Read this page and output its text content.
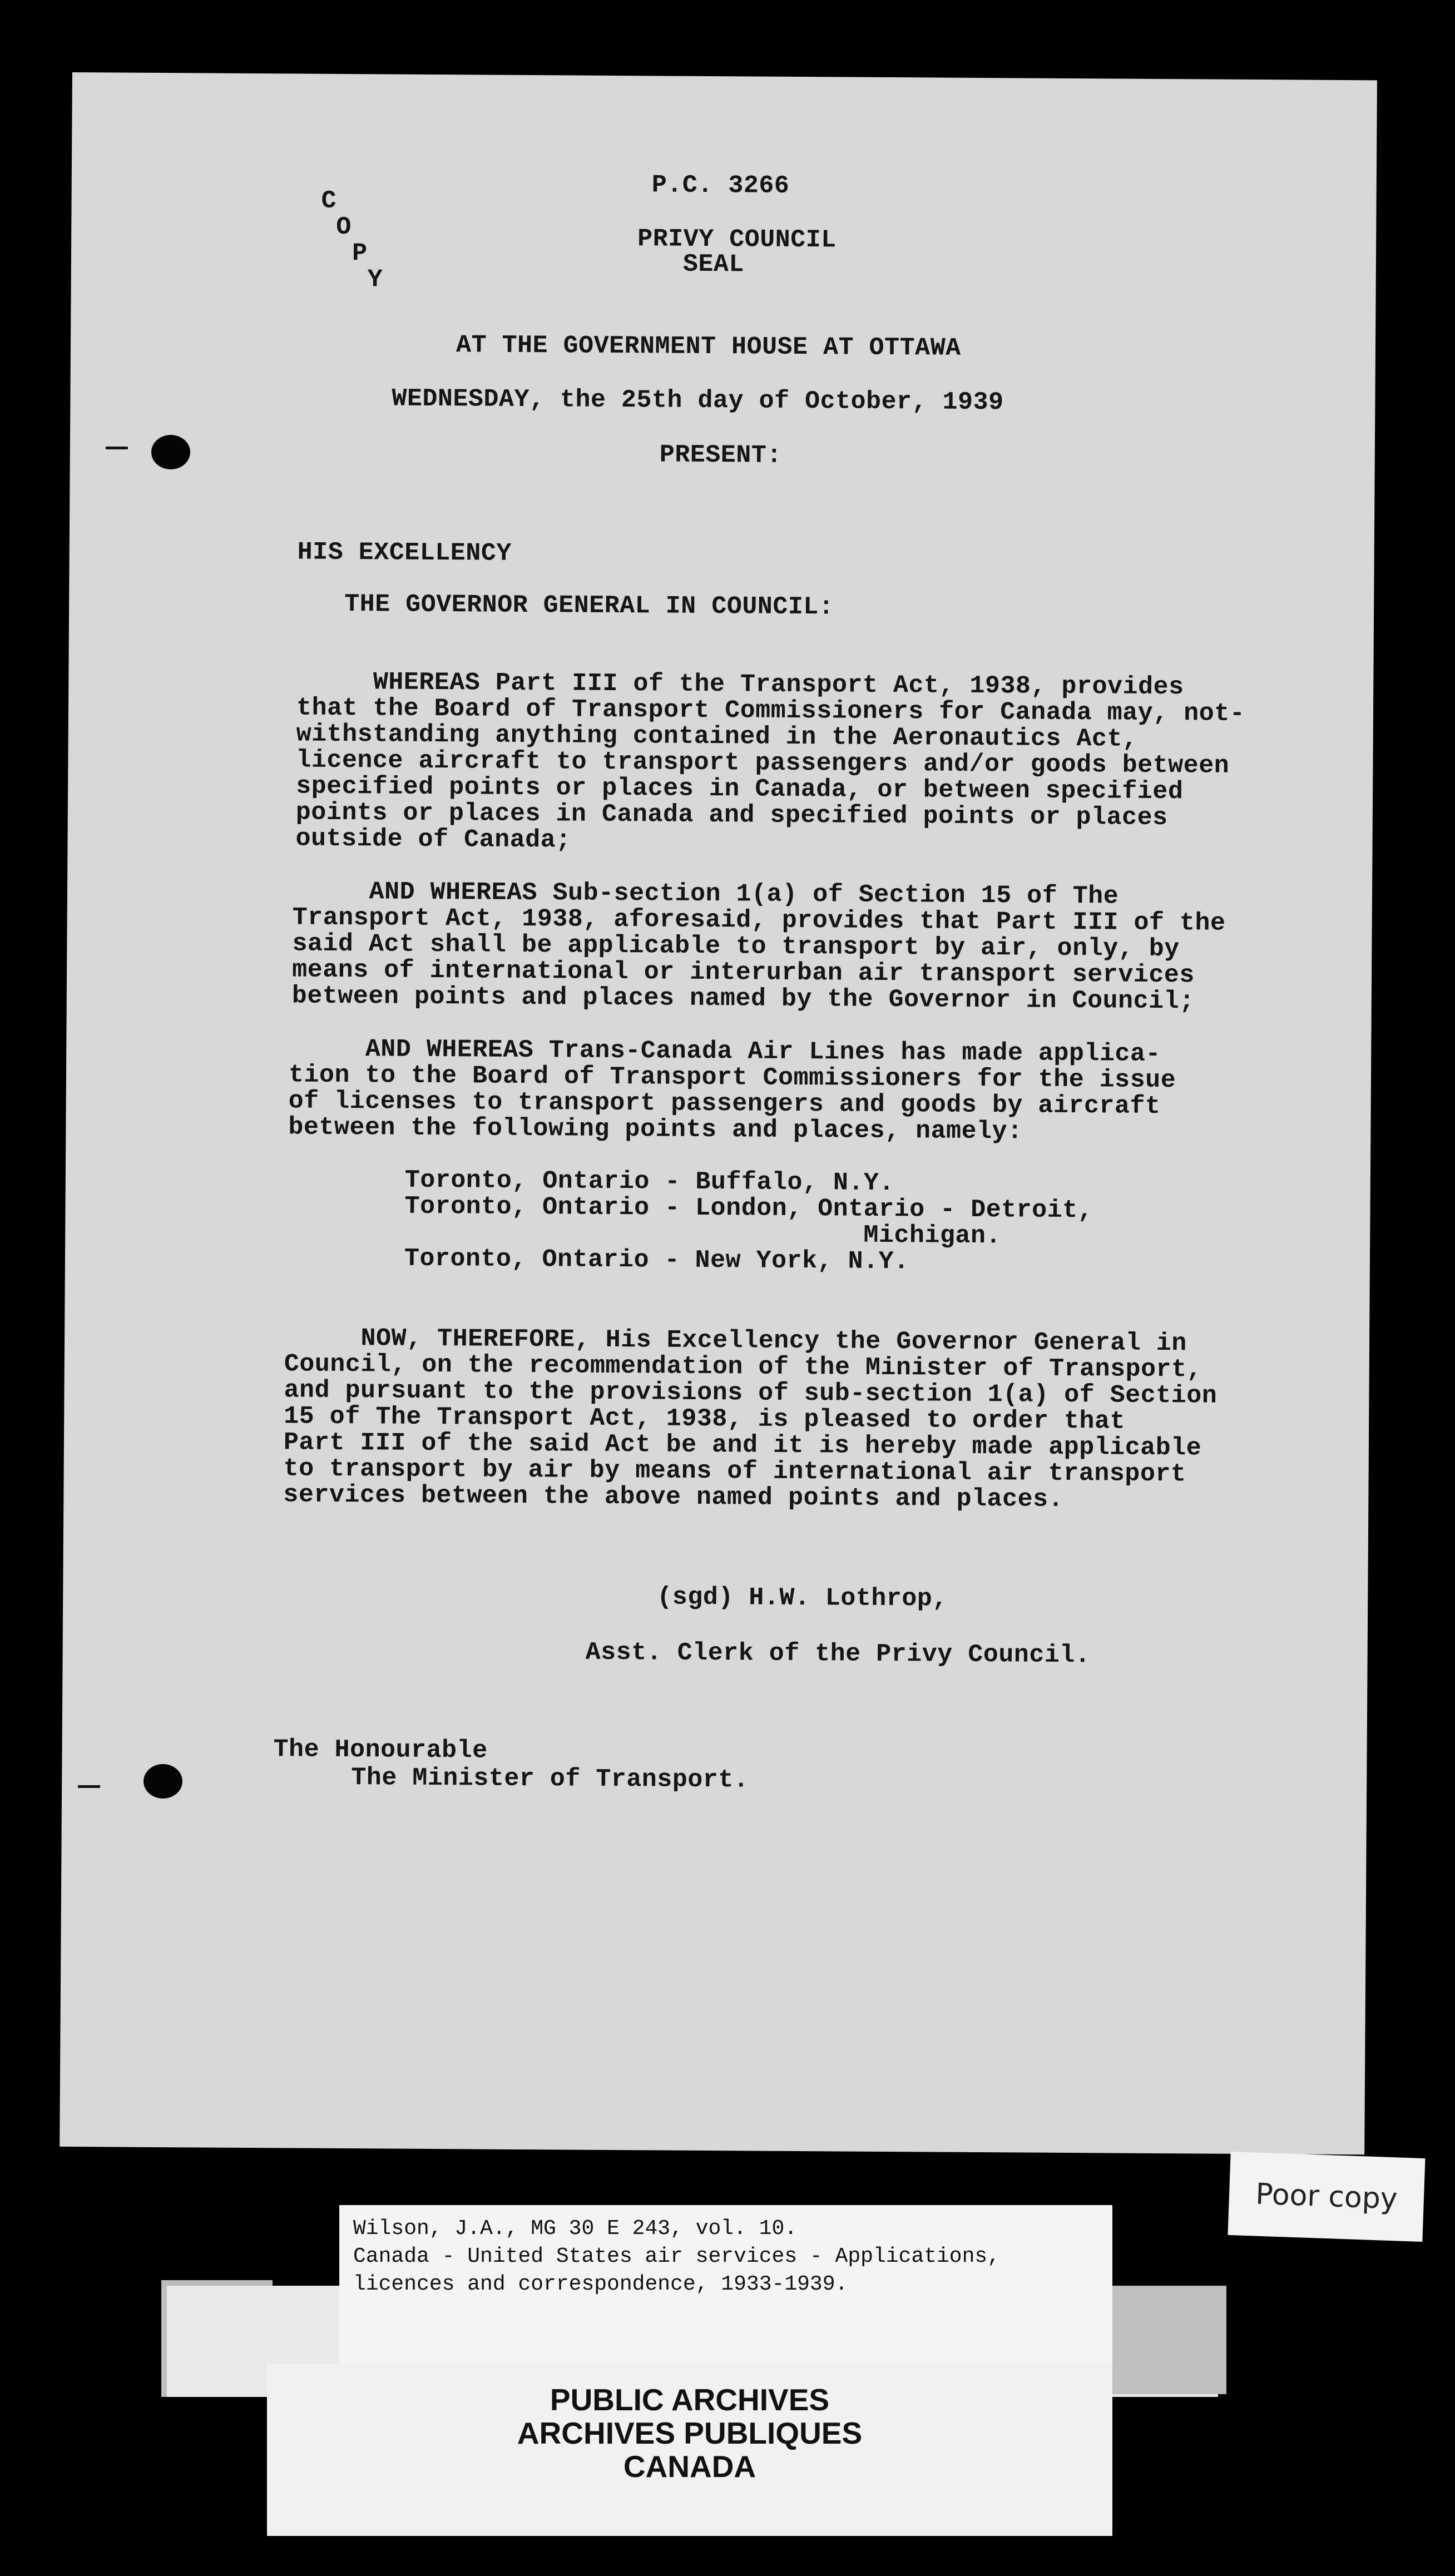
P.C. 3266
C
O
P
Y
PRIVY COUNCIL
SEAL
AT THE GOVERNMENT HOUSE AT OTTAWA
WEDNESDAY, the 25th day of October, 1939
PRESENT:
HIS EXCELLENCY
THE GOVERNOR GENERAL IN COUNCIL:
WHEREAS Part III of the Transport Act, 1938, provides
that the Board of Transport Commissioners for Canada may, not-
withstanding anything contained in the Aeronautics Act,
licence aircraft to transport passengers and/or goods between
specified points or places in Canada, or between specified
points or places in Canada and specified points or places
outside of Canada;
AND WHEREAS Sub-section 1(a) of Section 15 of The
Transport Act, 1938, aforesaid, provides that Part III of the
said Act shall be applicable to transport by air, only, by
means of international or interurban air transport services
between points and places named by the Governor in Council;
AND WHEREAS Trans-Canada Air Lines has made applica-
tion to the Board of Transport Commissioners for the issue
of licenses to transport passengers and goods by aircraft
between the following points and places, namely:
Toronto, Ontario - Buffalo, N.Y.
Toronto, Ontario - London, Ontario - Detroit,
Michigan.
Toronto, Ontario - New York, N.Y.
NOW, THEREFORE, His Excellency the Governor General in
Council, on the recommendation of the Minister of Transport,
and pursuant to the provisions of sub-section 1(a) of Section
15 of The Transport Act, 1938, is pleased to order that
Part III of the said Act be and it is hereby made applicable
to transport by air by means of international air transport
services between the above named points and places.
(sgd) H.W. Lothrop,
Asst. Clerk of the Privy Council.
The Honourable
The Minister of Transport.
Wilson, J.A., MG 30 E 243, vol. 10.
Canada - United States air services - Applications,
licences and correspondence, 1933-1939.
PUBLIC ARCHIVES
ARCHIVES PUBLIQUES
CANADA
Poor copy
